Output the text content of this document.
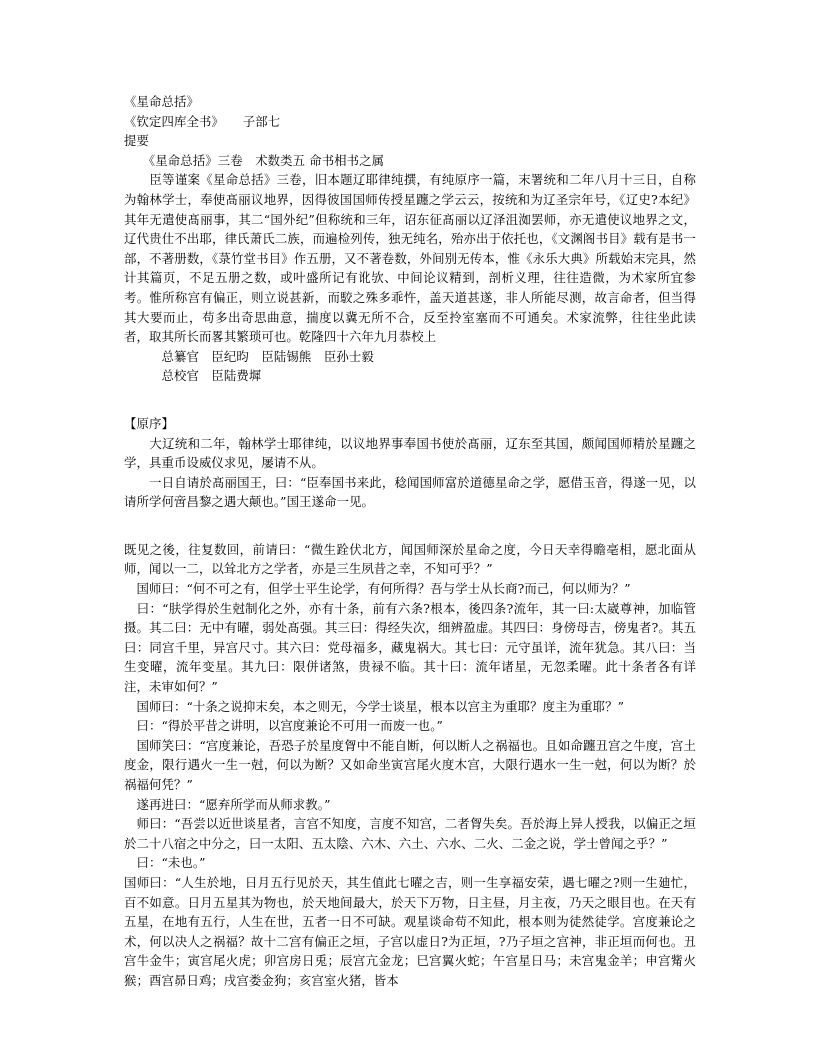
《星命总括》

《钦定四库全书》　　子部七

提要

　　《星命总括》三卷　术数类五 命书相书之属

　　臣等谨案《星命总括》三卷，旧本题辽耶律纯撰，有纯原序一篇，末署统和二年八月十三日，自称为翰林学士，奉使髙丽议地界，因得彼国国师传授星躔之学云云，按统和为辽圣宗年号，《辽史?本纪》其年无遣使髙丽事，其二“国外纪”但称统和三年，诏东征髙丽以辽泽沮洳罢师，亦无遣使议地界之文，辽代贵仕不出耶，律氏萧氏二族，而遍检列传，独无纯名，殆亦出于依托也，《文渊阁书目》载有是书一部，不著册数，《菉竹堂书目》作五册，又不著卷数，外间别无传本，惟《永乐大典》所载始末完具，然计其篇页，不足五册之数，或叶盛所记有讹欤、中间论议精到，剖析义理，往往造微，为术家所宜参考。惟所称宫有偏正，则立说甚新，而駮之殊多乖忤，盖天道甚遂，非人所能尽测，故言命者，但当得其大要而止，苟多出奇思曲意，揣度以冀无所不合，反至拎室塞而不可通矣。术家流弊，往往坐此读者，取其所长而畧其繁琐可也。乾隆四十六年九月恭校上

　　　总纂官　臣纪昀　臣陆锡熊　臣孙士毅

　　　总校官　臣陆费墀

【原序】

　　大辽统和二年，翰林学士耶律纯，以议地界事奉国书使於髙丽，辽东至其国，颇闻国师精於星躔之学，具重币设威仪求见，屡请不从。

　　一日自请於髙丽国王，曰：“臣奉国书来此，稔闻国师富於道德星命之学，愿借玉音，得遂一见，以请所学何啻昌黎之遇大颠也。”国王遂命一见。

既见之後，往复数回，前请曰：“微生跧伏北方，闻国师深於星命之度，今日天幸得瞻亳相，愿北面从师，闻以一二，以耸北方之学者，亦是三生夙昔之幸，不知可乎？”

　国师曰：“何不可之有，但学士平生论学，有何所得？吾与学士从长商?而己，何以师为？”

　曰：“肤学得於生尅制化之外，亦有十条，前有六条?根本，後四条?流年，其一曰:太崴尊神，加临管摄。其二曰：无中有曜，弱处髙强。其三曰：得经失次，细辨盈虚。其四曰：身傍母吉，傍鬼者?。其五曰：同宫千里，异宫尺寸。其六曰：党母福多，藏鬼祸大。其七曰：元守虽详，流年犹急。其八曰：当生变曜，流年变星。其九曰：限併诸煞，贵禄不临。其十曰：流年诸星，无忽柔曜。此十条者各有详注，未审如何？”

　国师曰：“十条之说抑末矣，本之则无，今学士谈星，根本以宫主为重耶？度主为重耶？”

　曰：“得於平昔之讲明，以宫度兼论不可用一而废一也。”

　国师笑曰：“宫度兼论，吾恐子於星度胷中不能自断，何以断人之祸福也。且如命躔丑宫之牛度，宫土度金，限行遇火一生一尅，何以为断？又如命坐寅宫尾火度木宫，大限行遇水一生一尅，何以为断？於祸福何凭？”

　遂再进曰：“愿弃所学而从师求教。”

　师曰：“吾尝以近世谈星者，言宫不知度，言度不知宫，二者胷失矣。吾於海上异人授我，以偏正之垣於二十八宿之中分之，曰一太阳、五太陰、六木、六土、六水、二火、二金之说，学士曾闻之乎？”

　曰：“未也。”

国师曰：“人生於地，日月五行见於天，其生值此七曜之吉，则一生享福安荣，遇七曜之?则一生廸忙，百不如意。日月五星其为物也，於天地间最大，於天下万物，日主昼，月主夜，乃天之眼目也。在天有五星，在地有五行，人生在世，五者一日不可缺。观星谈命苟不知此，根本则为徒然徒学。宫度兼论之术，何以决人之祸福？故十二宫有偏正之垣，子宫以虚日?为正垣，?乃子垣之宫神，非正垣而何也。丑宫牛金牛；寅宫尾火虎；卯宫房日兎；辰宫亢金龙；巳宫翼火蛇；午宫星日马；未宫鬼金羊；申宫觜火猴；酉宫昴日鸡；戌宫娄金狗；亥宫室火猪，皆本
